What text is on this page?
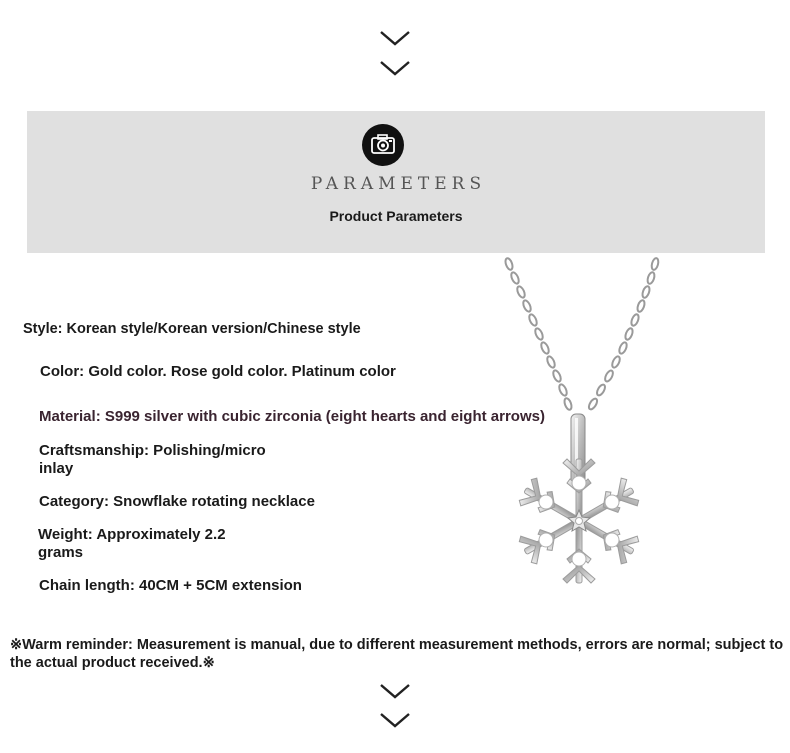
PARAMETERS
Product Parameters
Style: Korean style/Korean version/Chinese style
Color: Gold color. Rose gold color. Platinum color
Material: S999 silver with cubic zirconia (eight hearts and eight arrows)
Craftsmanship: Polishing/micro inlay
Category: Snowflake rotating necklace
Weight: Approximately 2.2 grams
Chain length: 40CM + 5CM extension
※Warm reminder: Measurement is manual, due to different measurement methods, errors are normal; subject to the actual product received.※
